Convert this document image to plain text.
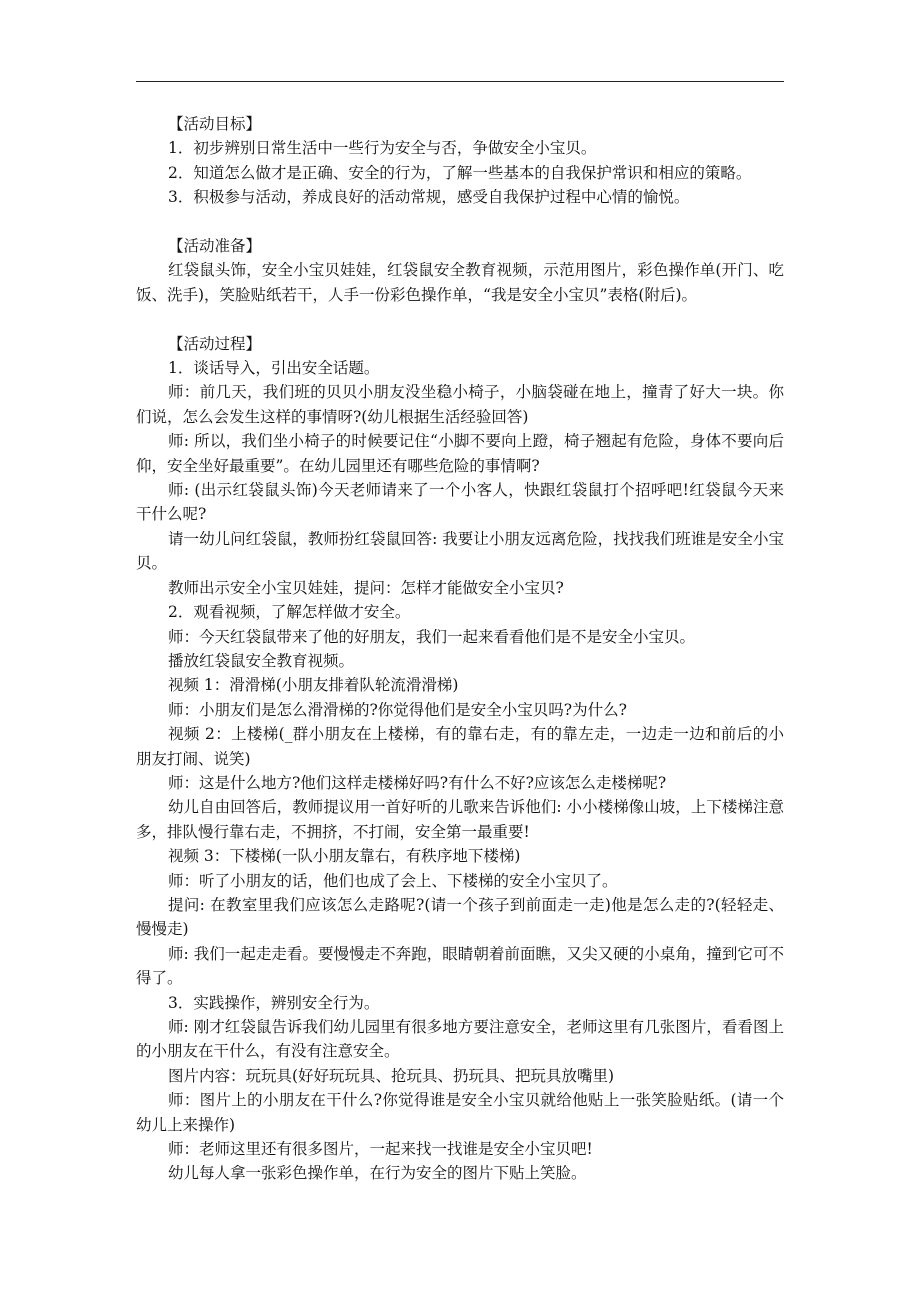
【活动目标】

1．初步辨别日常生活中一些行为安全与否，争做安全小宝贝。

2．知道怎么做才是正确、安全的行为，了解一些基本的自我保护常识和相应的策略。

3．积极参与活动，养成良好的活动常规，感受自我保护过程中心情的愉悦。

【活动准备】

红袋鼠头饰，安全小宝贝娃娃，红袋鼠安全教育视频，示范用图片，彩色操作单(开门、吃饭、洗手)，笑脸贴纸若干，人手一份彩色操作单，“我是安全小宝贝”表格(附后)。

【活动过程】

1．谈话导入，引出安全话题。

师：前几天，我们班的贝贝小朋友没坐稳小椅子，小脑袋碰在地上，撞青了好大一块。你们说，怎么会发生这样的事情呀?(幼儿根据生活经验回答)

师: 所以，我们坐小椅子的时候要记住“小脚不要向上蹬，椅子翘起有危险，身体不要向后仰，安全坐好最重要”。在幼儿园里还有哪些危险的事情啊?

师: (出示红袋鼠头饰)今天老师请来了一个小客人，快跟红袋鼠打个招呼吧!红袋鼠今天来干什么呢?

请一幼儿问红袋鼠，教师扮红袋鼠回答: 我要让小朋友远离危险，找找我们班谁是安全小宝贝。

教师出示安全小宝贝娃娃，提问：怎样才能做安全小宝贝?

2．观看视频，了解怎样做才安全。

师：今天红袋鼠带来了他的好朋友，我们一起来看看他们是不是安全小宝贝。

播放红袋鼠安全教育视频。

视频 1：滑滑梯(小朋友排着队轮流滑滑梯)

师：小朋友们是怎么滑滑梯的?你觉得他们是安全小宝贝吗?为什么?

视频 2：上楼梯(_群小朋友在上楼梯，有的靠右走，有的靠左走，一边走一边和前后的小朋友打闹、说笑)

师：这是什么地方?他们这样走楼梯好吗?有什么不好?应该怎么走楼梯呢?

幼儿自由回答后，教师提议用一首好听的儿歌来告诉他们: 小小楼梯像山坡，上下楼梯注意多，排队慢行靠右走，不拥挤，不打闹，安全第一最重要!

视频 3：下楼梯(一队小朋友靠右，有秩序地下楼梯)

师：听了小朋友的话，他们也成了会上、下楼梯的安全小宝贝了。

提问: 在教室里我们应该怎么走路呢?(请一个孩子到前面走一走)他是怎么走的?(轻轻走、慢慢走)

师: 我们一起走走看。要慢慢走不奔跑，眼睛朝着前面瞧，又尖又硬的小桌角，撞到它可不得了。

3．实践操作，辨别安全行为。

师: 刚才红袋鼠告诉我们幼儿园里有很多地方要注意安全，老师这里有几张图片，看看图上的小朋友在干什么，有没有注意安全。

图片内容：玩玩具(好好玩玩具、抢玩具、扔玩具、把玩具放嘴里)

师：图片上的小朋友在干什么?你觉得谁是安全小宝贝就给他贴上一张笑脸贴纸。(请一个幼儿上来操作)

师：老师这里还有很多图片，一起来找一找谁是安全小宝贝吧!

幼儿每人拿一张彩色操作单，在行为安全的图片下贴上笑脸。
